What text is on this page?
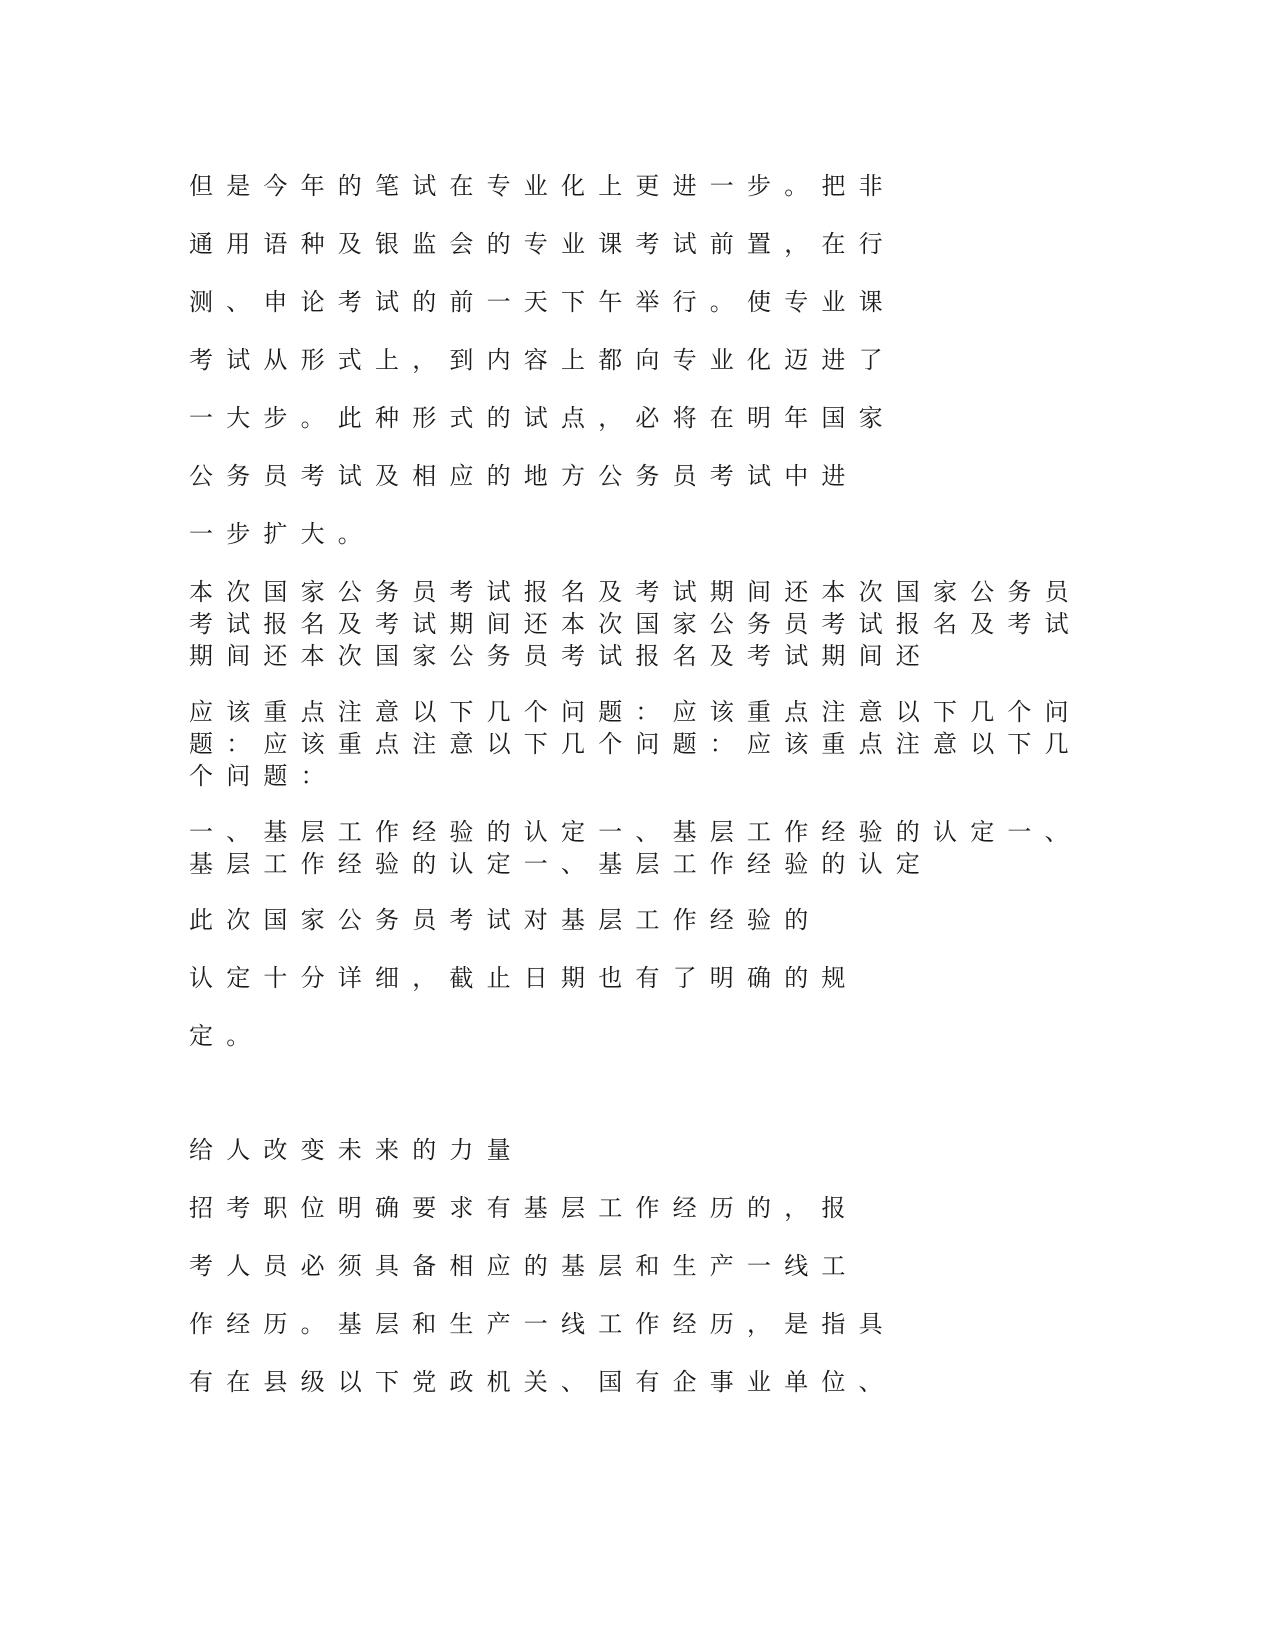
但是今年的笔试在专业化上更进一步。把非

通用语种及银监会的专业课考试前置，在行

测、申论考试的前一天下午举行。使专业课

考试从形式上，到内容上都向专业化迈进了

一大步。此种形式的试点，必将在明年国家

公务员考试及相应的地方公务员考试中进

一步扩大。

本次国家公务员考试报名及考试期间还本次国家公务员考试报名及考试期间还本次国家公务员考试报名及考试期间还本次国家公务员考试报名及考试期间还

应该重点注意以下几个问题：应该重点注意以下几个问题：应该重点注意以下几个问题：应该重点注意以下几个问题：

一、基层工作经验的认定一、基层工作经验的认定一、基层工作经验的认定一、基层工作经验的认定

此次国家公务员考试对基层工作经验的

认定十分详细，截止日期也有了明确的规

定。

给人改变未来的力量

招考职位明确要求有基层工作经历的，报

考人员必须具备相应的基层和生产一线工

作经历。基层和生产一线工作经历，是指具

有在县级以下党政机关、国有企事业单位、
